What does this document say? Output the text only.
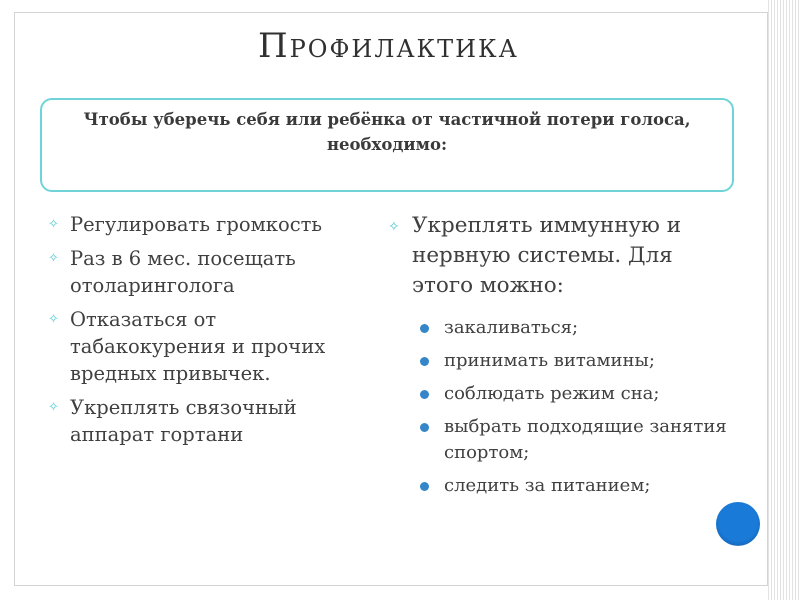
Профилактика
Чтобы уберечь себя или ребёнка от частичной потери голоса,
необходимо:
✧ Регулировать громкость
✧ Раз в 6 мес. посещать отоларинголога
✧ Отказаться от табакокурения и прочих вредных привычек.
✧ Укреплять связочный аппарат гортани
✧ Укреплять иммунную и нервную системы. Для этого можно:
закаливаться;
принимать витамины;
соблюдать режим сна;
выбрать подходящие занятия спортом;
следить за питанием;
